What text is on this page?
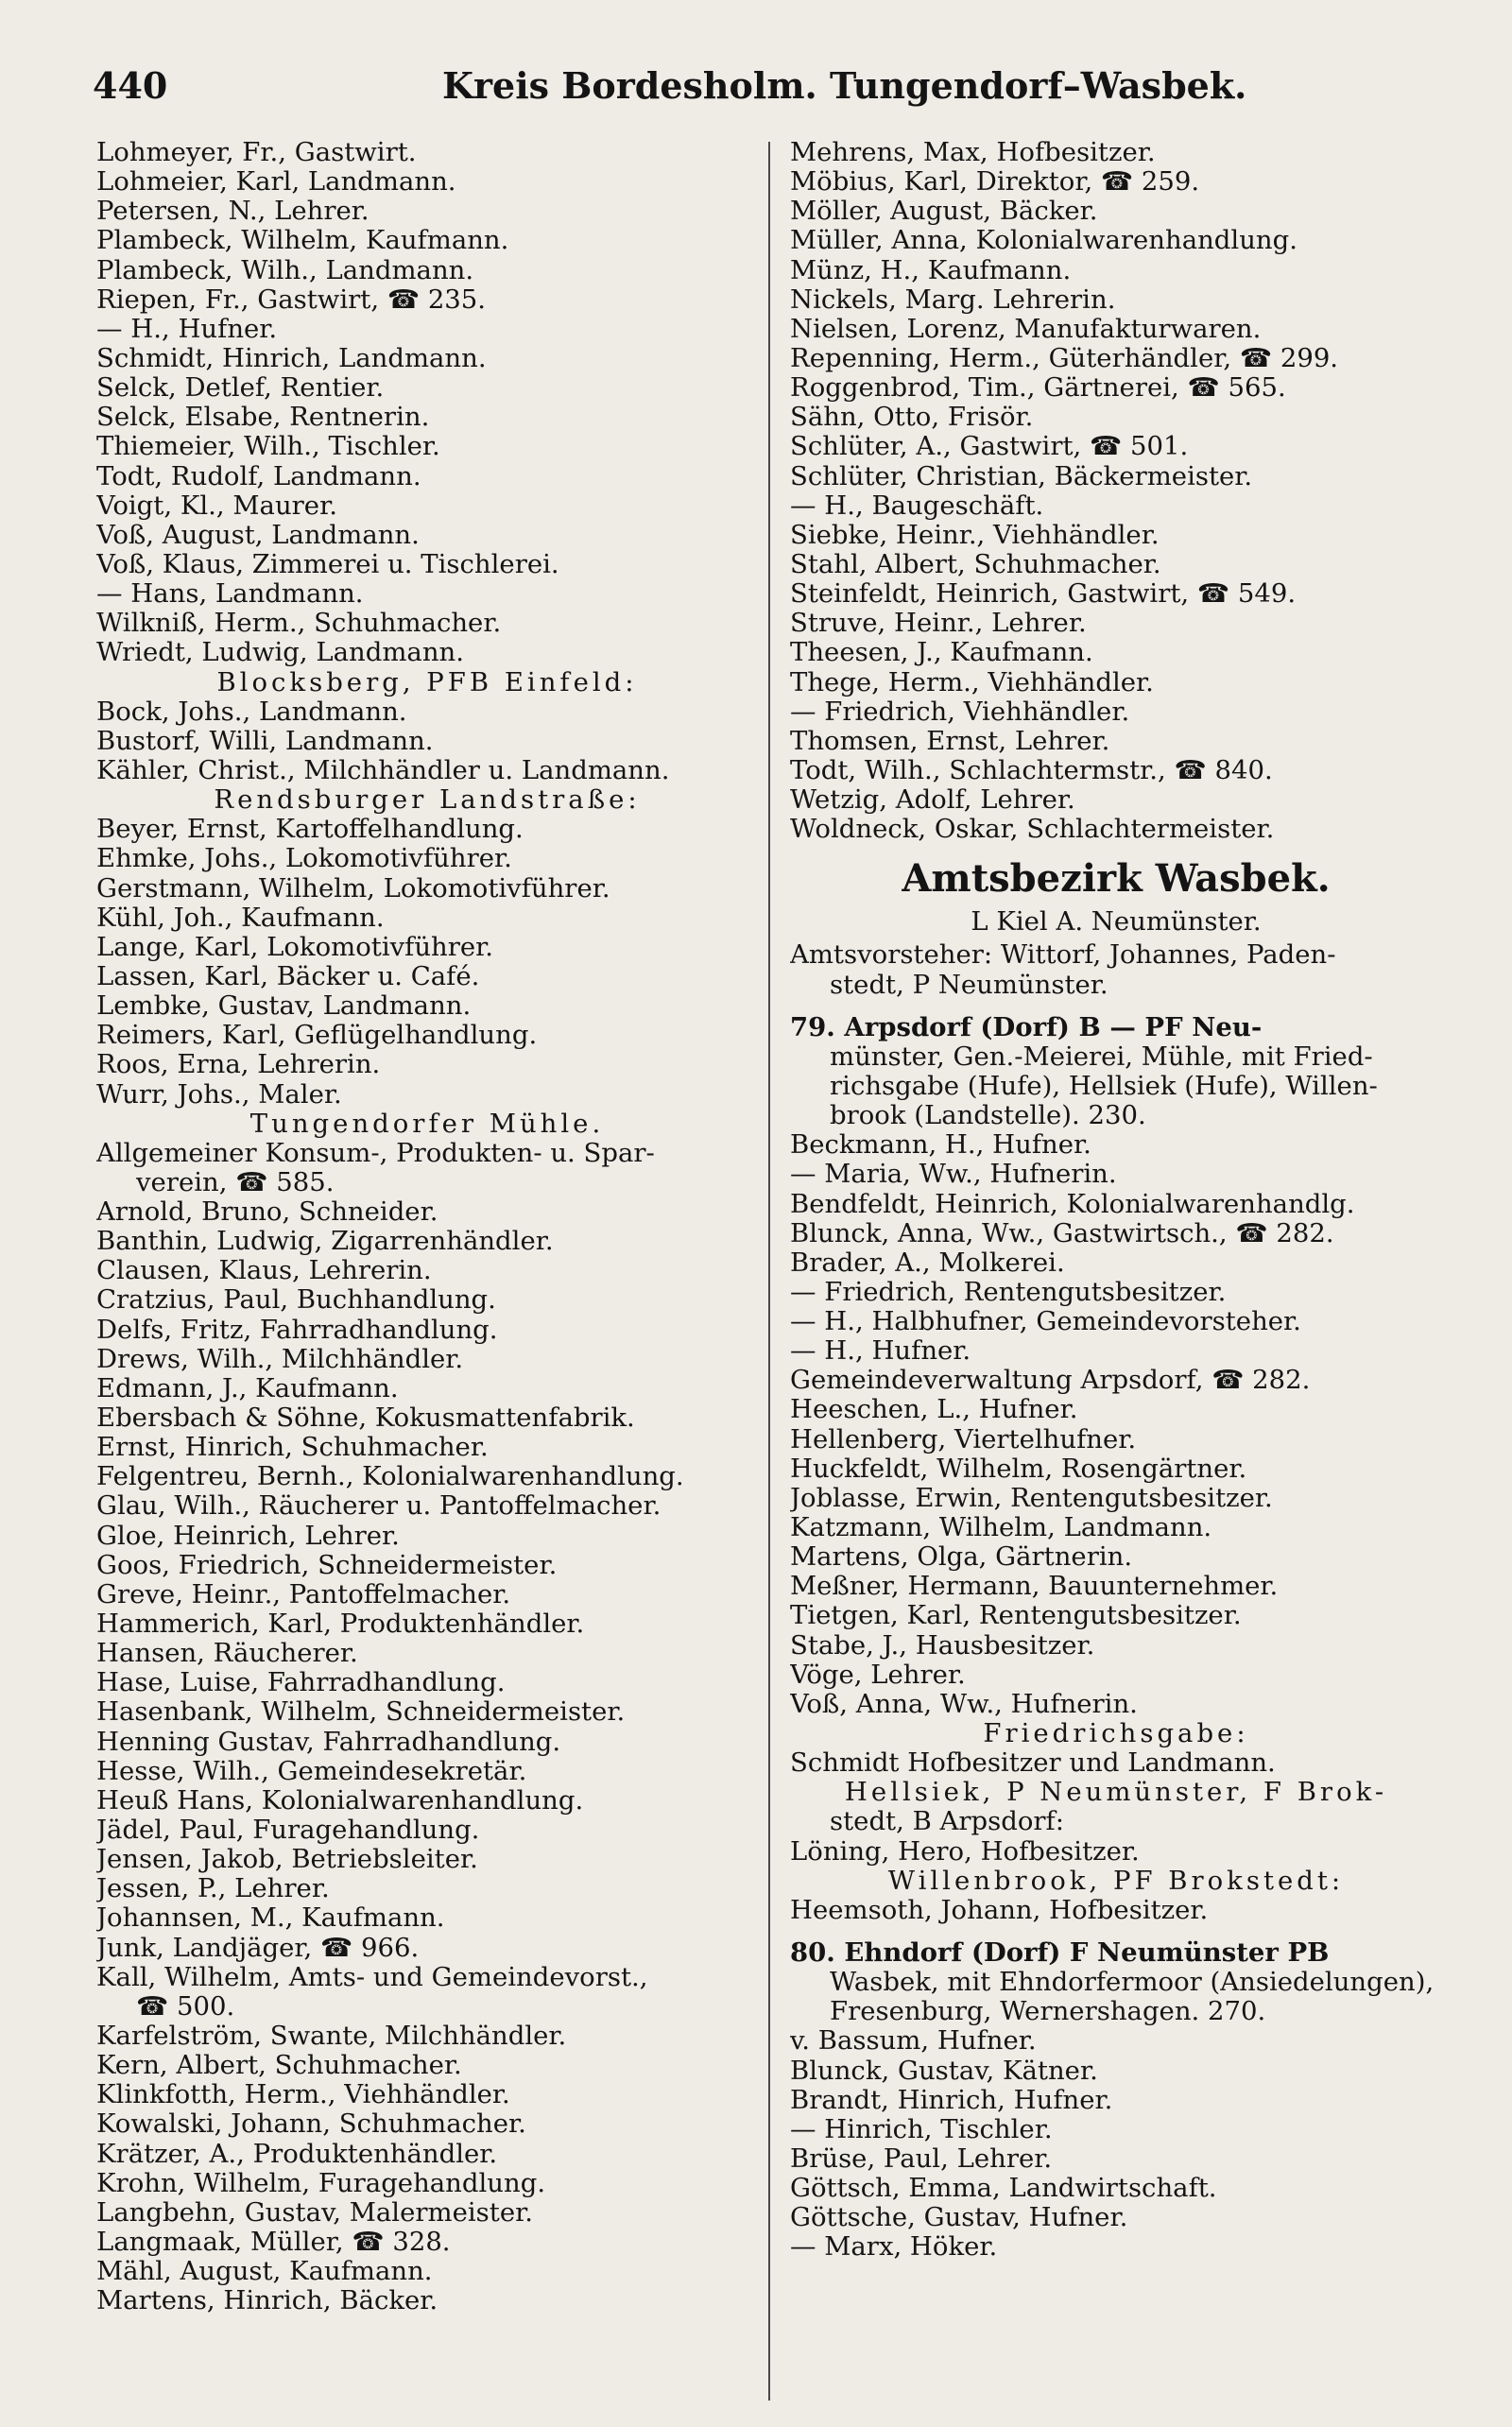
440	Kreis Bordesholm. Tungendorf–Wasbek.
Lohmeyer, Fr., Gastwirt.
Lohmeier, Karl, Landmann.
Petersen, N., Lehrer.
Plambeck, Wilhelm, Kaufmann.
Plambeck, Wilh., Landmann.
Riepen, Fr., Gastwirt, ☎ 235.
— H., Hufner.
Schmidt, Hinrich, Landmann.
Selck, Detlef, Rentier.
Selck, Elsabe, Rentnerin.
Thiemeier, Wilh., Tischler.
Todt, Rudolf, Landmann.
Voigt, Kl., Maurer.
Voß, August, Landmann.
Voß, Klaus, Zimmerei u. Tischlerei.
— Hans, Landmann.
Wilkniß, Herm., Schuhmacher.
Wriedt, Ludwig, Landmann.
Blocksberg, PFB Einfeld:
Bock, Johs., Landmann.
Bustorf, Willi, Landmann.
Kähler, Christ., Milchhändler u. Landmann.
Rendsburger Landstraße:
Beyer, Ernst, Kartoffelhandlung.
Ehmke, Johs., Lokomotivführer.
Gerstmann, Wilhelm, Lokomotivführer.
Kühl, Joh., Kaufmann.
Lange, Karl, Lokomotivführer.
Lassen, Karl, Bäcker u. Café.
Lembke, Gustav, Landmann.
Reimers, Karl, Geflügelhandlung.
Roos, Erna, Lehrerin.
Wurr, Johs., Maler.
Tungendorfer Mühle.
Allgemeiner Konsum-, Produkten- u. Spar-
verein, ☎ 585.
Arnold, Bruno, Schneider.
Banthin, Ludwig, Zigarrenhändler.
Clausen, Klaus, Lehrerin.
Cratzius, Paul, Buchhandlung.
Delfs, Fritz, Fahrradhandlung.
Drews, Wilh., Milchhändler.
Edmann, J., Kaufmann.
Ebersbach & Söhne, Kokusmattenfabrik.
Ernst, Hinrich, Schuhmacher.
Felgentreu, Bernh., Kolonialwarenhandlung.
Glau, Wilh., Räucherer u. Pantoffelmacher.
Gloe, Heinrich, Lehrer.
Goos, Friedrich, Schneidermeister.
Greve, Heinr., Pantoffelmacher.
Hammerich, Karl, Produktenhändler.
Hansen, Räucherer.
Hase, Luise, Fahrradhandlung.
Hasenbank, Wilhelm, Schneidermeister.
Henning Gustav, Fahrradhandlung.
Hesse, Wilh., Gemeindesekretär.
Heuß Hans, Kolonialwarenhandlung.
Jädel, Paul, Furagehandlung.
Jensen, Jakob, Betriebsleiter.
Jessen, P., Lehrer.
Johannsen, M., Kaufmann.
Junk, Landjäger, ☎ 966.
Kall, Wilhelm, Amts- und Gemeindevorst.,
☎ 500.
Karfelström, Swante, Milchhändler.
Kern, Albert, Schuhmacher.
Klinkfotth, Herm., Viehhändler.
Kowalski, Johann, Schuhmacher.
Krätzer, A., Produktenhändler.
Krohn, Wilhelm, Furagehandlung.
Langbehn, Gustav, Malermeister.
Langmaak, Müller, ☎ 328.
Mähl, August, Kaufmann.
Martens, Hinrich, Bäcker.
Mehrens, Max, Hofbesitzer.
Möbius, Karl, Direktor, ☎ 259.
Möller, August, Bäcker.
Müller, Anna, Kolonialwarenhandlung.
Münz, H., Kaufmann.
Nickels, Marg. Lehrerin.
Nielsen, Lorenz, Manufakturwaren.
Repenning, Herm., Güterhändler, ☎ 299.
Roggenbrod, Tim., Gärtnerei, ☎ 565.
Sähn, Otto, Frisör.
Schlüter, A., Gastwirt, ☎ 501.
Schlüter, Christian, Bäckermeister.
— H., Baugeschäft.
Siebke, Heinr., Viehhändler.
Stahl, Albert, Schuhmacher.
Steinfeldt, Heinrich, Gastwirt, ☎ 549.
Struve, Heinr., Lehrer.
Theesen, J., Kaufmann.
Thege, Herm., Viehhändler.
— Friedrich, Viehhändler.
Thomsen, Ernst, Lehrer.
Todt, Wilh., Schlachtermstr., ☎ 840.
Wetzig, Adolf, Lehrer.
Woldneck, Oskar, Schlachtermeister.
Amtsbezirk Wasbek.
L Kiel A. Neumünster.
Amtsvorsteher: Wittorf, Johannes, Paden-
stedt, P Neumünster.
79. Arpsdorf (Dorf) B — PF Neu-
münster, Gen.-Meierei, Mühle, mit Fried-
richsgabe (Hufe), Hellsiek (Hufe), Willen-
brook (Landstelle). 230.
Beckmann, H., Hufner.
— Maria, Ww., Hufnerin.
Bendfeldt, Heinrich, Kolonialwarenhandlg.
Blunck, Anna, Ww., Gastwirtsch., ☎ 282.
Brader, A., Molkerei.
— Friedrich, Rentengutsbesitzer.
— H., Halbhufner, Gemeindevorsteher.
— H., Hufner.
Gemeindeverwaltung Arpsdorf, ☎ 282.
Heeschen, L., Hufner.
Hellenberg, Viertelhufner.
Huckfeldt, Wilhelm, Rosengärtner.
Joblasse, Erwin, Rentengutsbesitzer.
Katzmann, Wilhelm, Landmann.
Martens, Olga, Gärtnerin.
Meßner, Hermann, Bauunternehmer.
Tietgen, Karl, Rentengutsbesitzer.
Stabe, J., Hausbesitzer.
Vöge, Lehrer.
Voß, Anna, Ww., Hufnerin.
Friedrichsgabe:
Schmidt Hofbesitzer und Landmann.
Hellsiek, P Neumünster, F Brok-
stedt, B Arpsdorf:
Löning, Hero, Hofbesitzer.
Willenbrook, PF Brokstedt:
Heemsoth, Johann, Hofbesitzer.
80. Ehndorf (Dorf) F Neumünster PB
Wasbek, mit Ehndorfermoor (Ansiedelungen),
Fresenburg, Wernershagen. 270.
v. Bassum, Hufner.
Blunck, Gustav, Kätner.
Brandt, Hinrich, Hufner.
— Hinrich, Tischler.
Brüse, Paul, Lehrer.
Göttsch, Emma, Landwirtschaft.
Göttsche, Gustav, Hufner.
— Marx, Höker.
